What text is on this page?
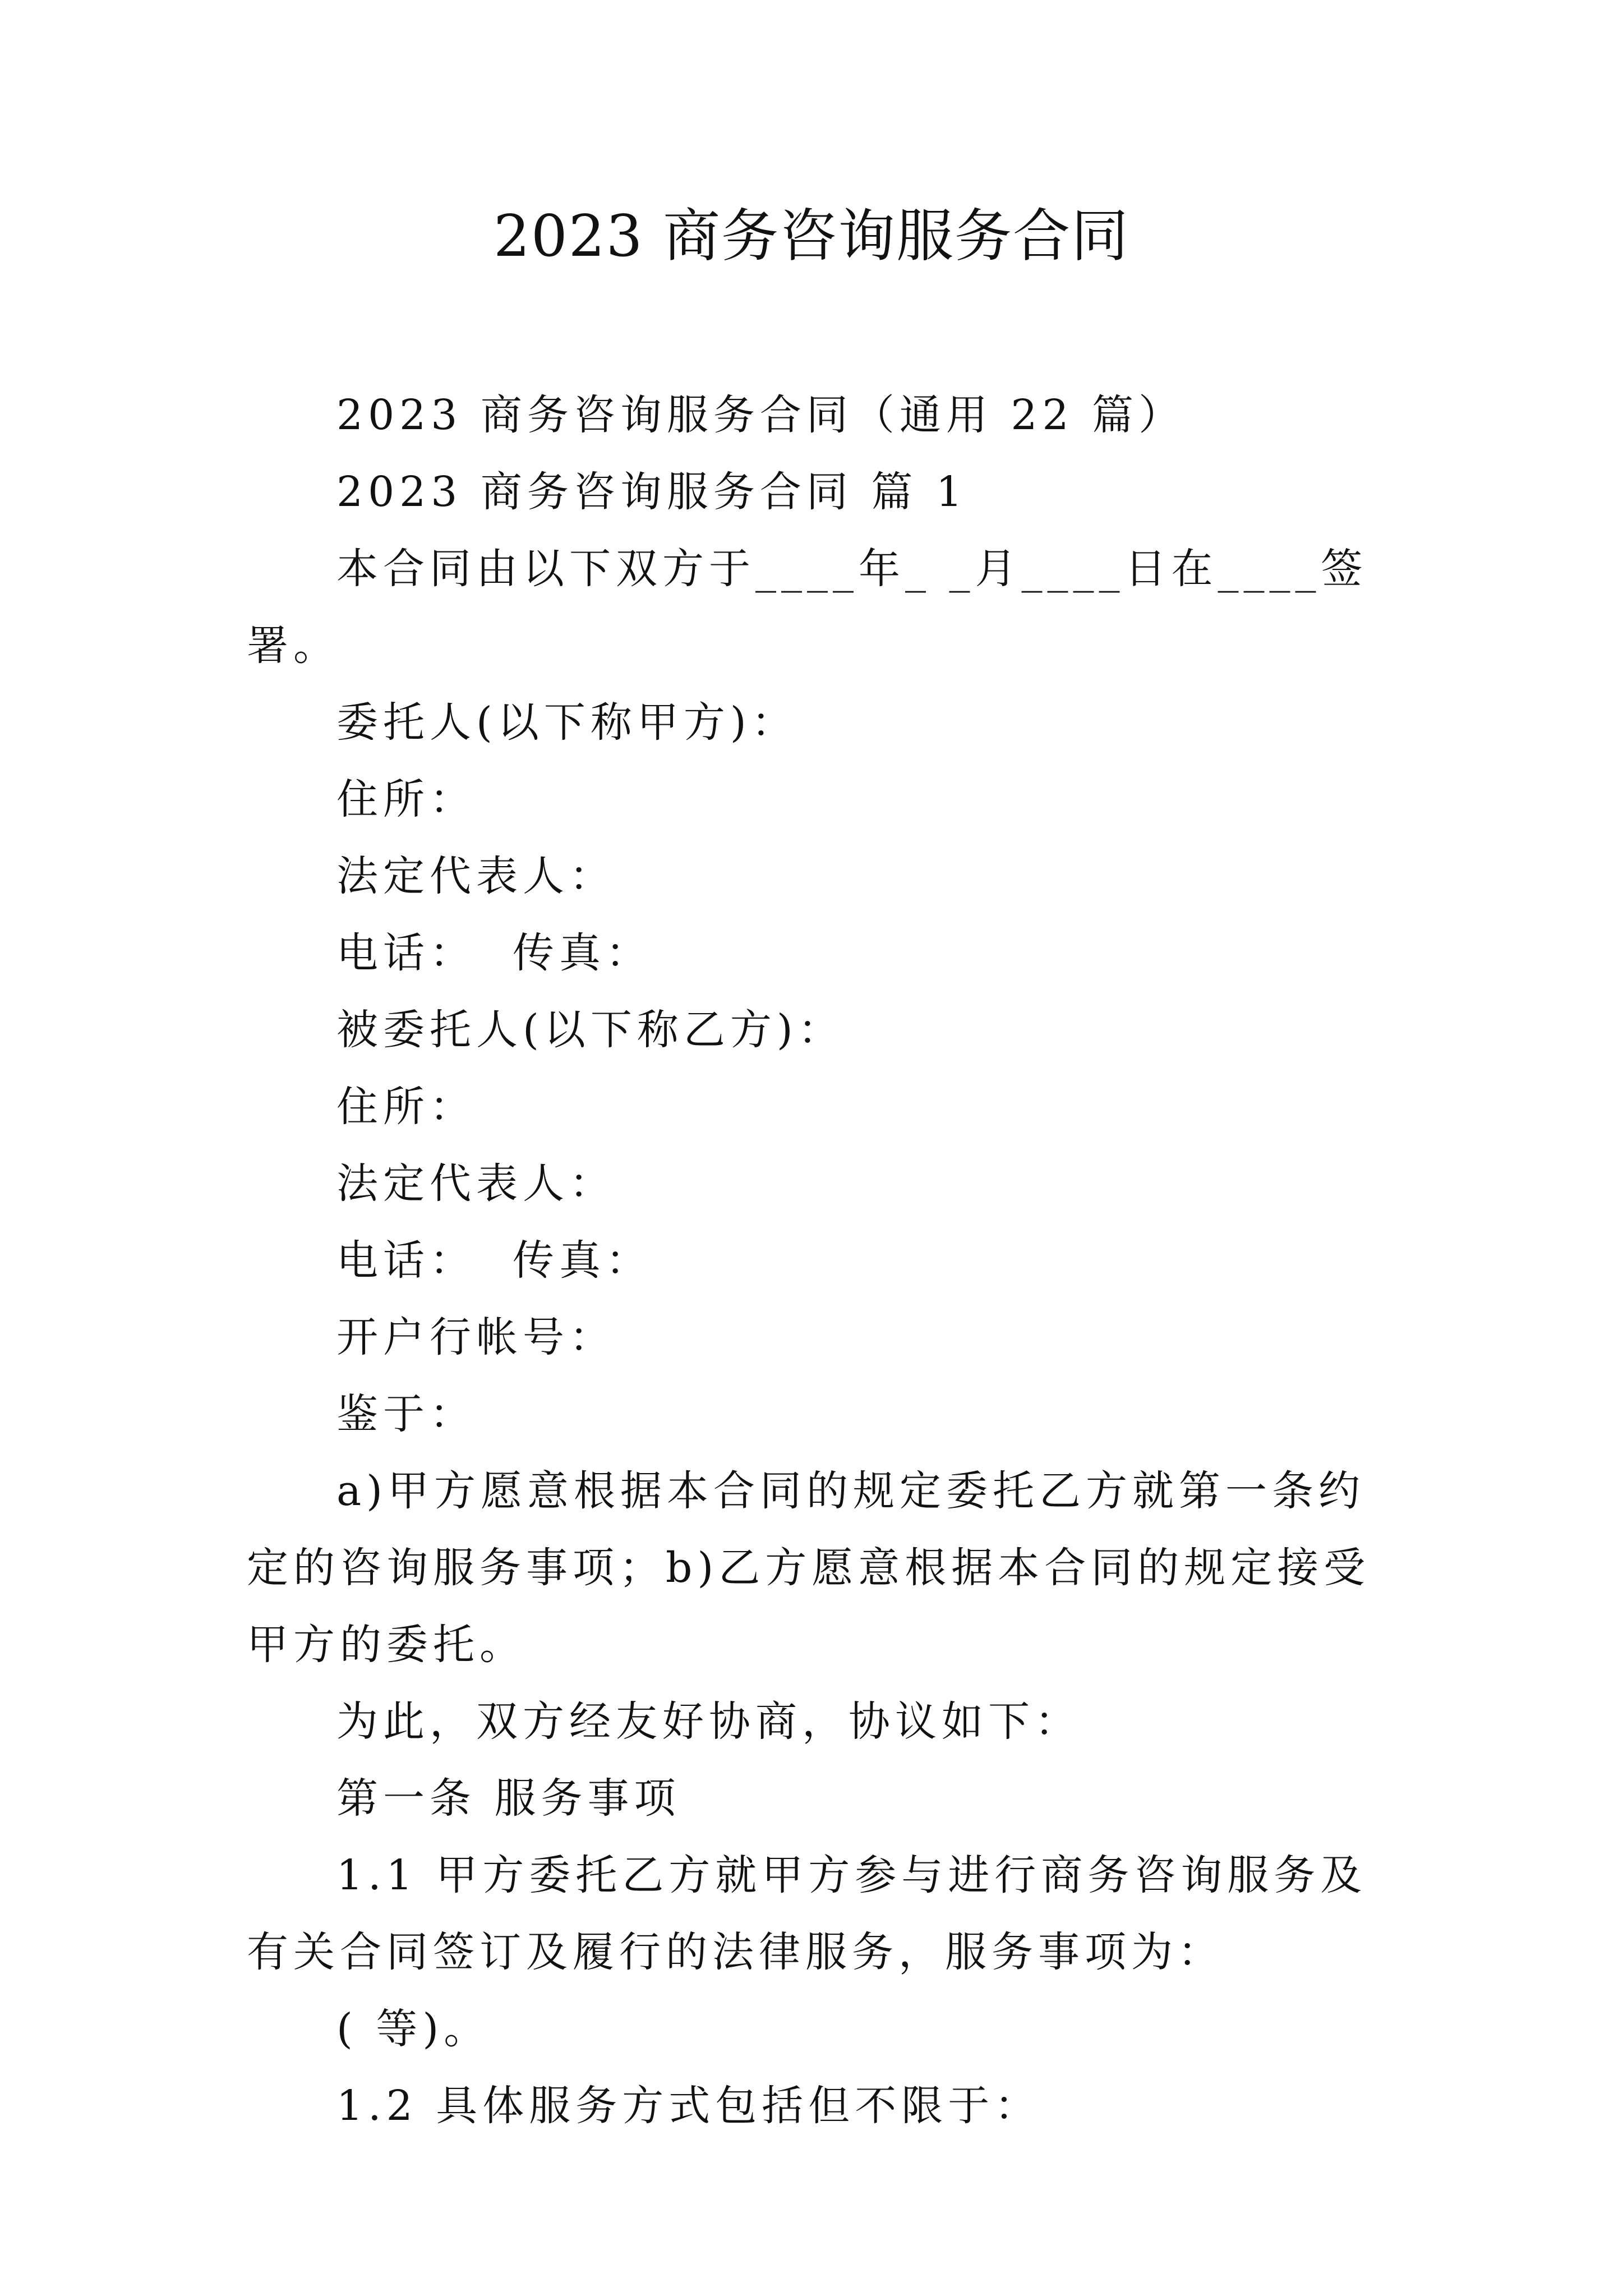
2023 商务咨询服务合同

2023 商务咨询服务合同（通用 22 篇）

2023 商务咨询服务合同 篇 1

本合同由以下双方于____年_ _月____日在____签署。

委托人(以下称甲方)：

住所：

法定代表人：

电话：  传真：

被委托人(以下称乙方)：

住所：

法定代表人：

电话：  传真：

开户行帐号：

鉴于：

a)甲方愿意根据本合同的规定委托乙方就第一条约定的咨询服务事项；b)乙方愿意根据本合同的规定接受甲方的委托。

为此，双方经友好协商，协议如下：

第一条 服务事项

1.1 甲方委托乙方就甲方参与进行商务咨询服务及有关合同签订及履行的法律服务，服务事项为：

( 等)。

1.2 具体服务方式包括但不限于：
